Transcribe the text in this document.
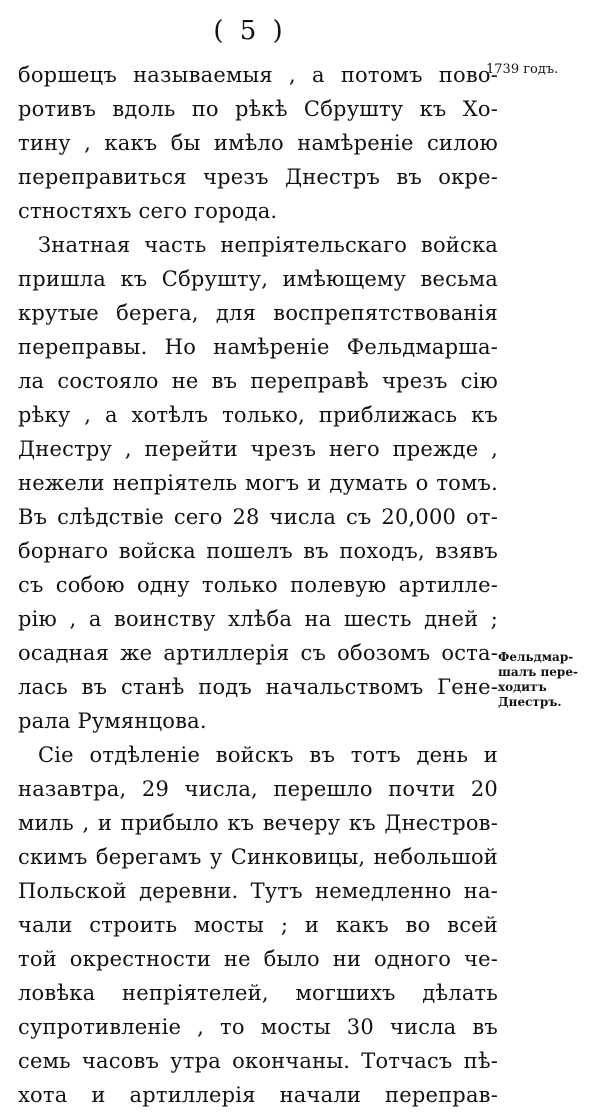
( 5 )
1739 годъ.
Фельдмар-
шалъ пере-
ходитъ
Днестръ.
боршецъ называемыя , а потомъ пово-
ротивъ вдоль по рѣкѣ Сбрушту къ Хо-
тину , какъ бы имѣло намѣреніе силою
переправиться чрезъ Днестръ въ окре-
стностяхъ сего города.
Знатная часть непріятельскаго войска
пришла къ Сбрушту, имѣющему весьма
крутые берега, для воспрепятствованія
переправы. Но намѣреніе Фельдмарша-
ла состояло не въ переправѣ чрезъ сію
рѣку , а хотѣлъ только, приближась къ
Днестру , перейти чрезъ него прежде ,
нежели непріятель могъ и думать о томъ.
Въ слѣдствіе сего 28 числа съ 20,000 от-
борнаго войска пошелъ въ походъ, взявъ
съ собою одну только полевую артилле-
рію , а воинству хлѣба на шесть дней ;
осадная же артиллерія съ обозомъ оста-
лась въ станѣ подъ начальствомъ Гене-
рала Румянцова.
Сіе отдѣленіе войскъ въ тотъ день и
назавтра, 29 числа, перешло почти 20
миль , и прибыло къ вечеру къ Днестров-
скимъ берегамъ у Синковицы, небольшой
Польской деревни. Тутъ немедленно на-
чали строить мосты ; и какъ во всей
той окрестности не было ни одного че-
ловѣка непріятелей, могшихъ дѣлать
супротивленіе , то мосты 30 числа въ
семь часовъ утра окончаны. Тотчасъ пѣ-
хота и артиллерія начали переправ-
